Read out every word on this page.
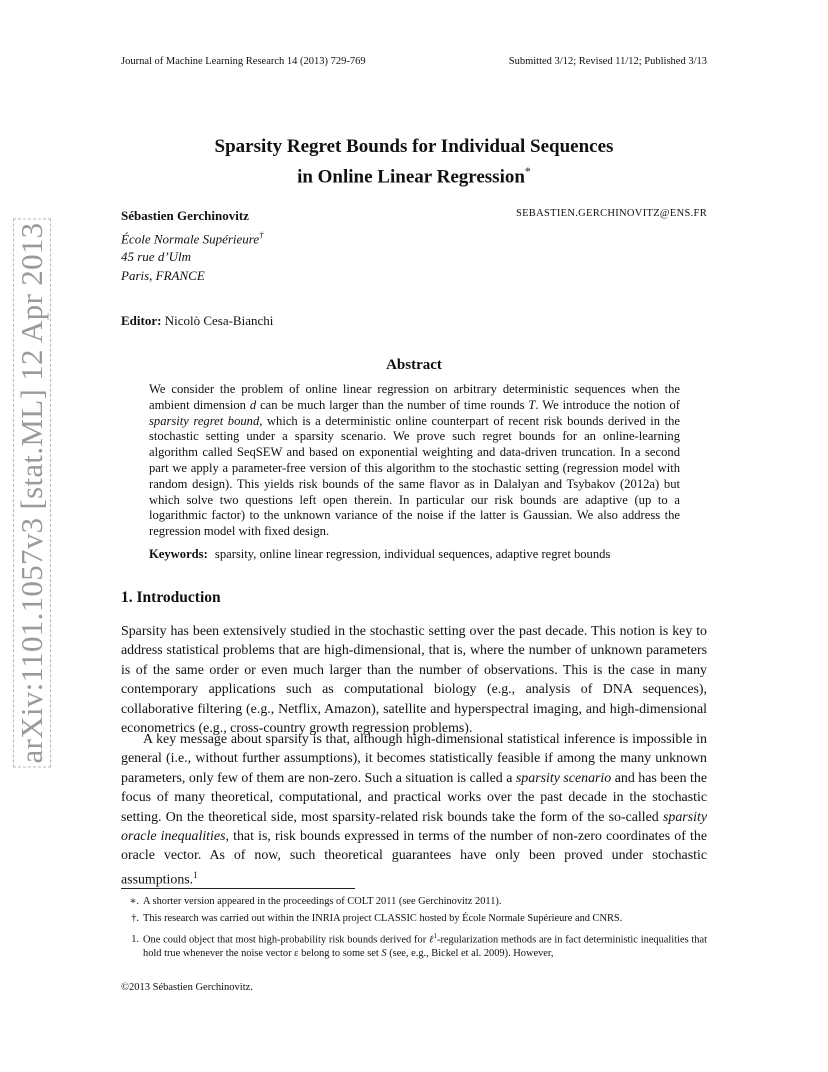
Journal of Machine Learning Research 14 (2013) 729-769	Submitted 3/12; Revised 11/12; Published 3/13
arXiv:1101.1057v3 [stat.ML] 12 Apr 2013
Sparsity Regret Bounds for Individual Sequences
in Online Linear Regression*
Sébastien Gerchinovitz
École Normale Supérieure†
45 rue d’Ulm
Paris, FRANCE
SEBASTIEN.GERCHINOVITZ@ENS.FR
Editor: Nicolò Cesa-Bianchi
Abstract
We consider the problem of online linear regression on arbitrary deterministic sequences when the ambient dimension d can be much larger than the number of time rounds T. We introduce the notion of sparsity regret bound, which is a deterministic online counterpart of recent risk bounds derived in the stochastic setting under a sparsity scenario. We prove such regret bounds for an online-learning algorithm called SeqSEW and based on exponential weighting and data-driven truncation. In a second part we apply a parameter-free version of this algorithm to the stochastic setting (regression model with random design). This yields risk bounds of the same flavor as in Dalalyan and Tsybakov (2012a) but which solve two questions left open therein. In particular our risk bounds are adaptive (up to a logarithmic factor) to the unknown variance of the noise if the latter is Gaussian. We also address the regression model with fixed design.
Keywords: sparsity, online linear regression, individual sequences, adaptive regret bounds
1. Introduction
Sparsity has been extensively studied in the stochastic setting over the past decade. This notion is key to address statistical problems that are high-dimensional, that is, where the number of unknown parameters is of the same order or even much larger than the number of observations. This is the case in many contemporary applications such as computational biology (e.g., analysis of DNA sequences), collaborative filtering (e.g., Netflix, Amazon), satellite and hyperspectral imaging, and high-dimensional econometrics (e.g., cross-country growth regression problems).
A key message about sparsity is that, although high-dimensional statistical inference is impossible in general (i.e., without further assumptions), it becomes statistically feasible if among the many unknown parameters, only few of them are non-zero. Such a situation is called a sparsity scenario and has been the focus of many theoretical, computational, and practical works over the past decade in the stochastic setting. On the theoretical side, most sparsity-related risk bounds take the form of the so-called sparsity oracle inequalities, that is, risk bounds expressed in terms of the number of non-zero coordinates of the oracle vector. As of now, such theoretical guarantees have only been proved under stochastic assumptions.$^1$
∗. A shorter version appeared in the proceedings of COLT 2011 (see Gerchinovitz 2011).
†. This research was carried out within the INRIA project CLASSIC hosted by École Normale Supérieure and CNRS.
1. One could object that most high-probability risk bounds derived for ℓ$^1$-regularization methods are in fact deterministic inequalities that hold true whenever the noise vector ε belong to some set S (see, e.g., Bickel et al. 2009). However,
©2013 Sébastien Gerchinovitz.
